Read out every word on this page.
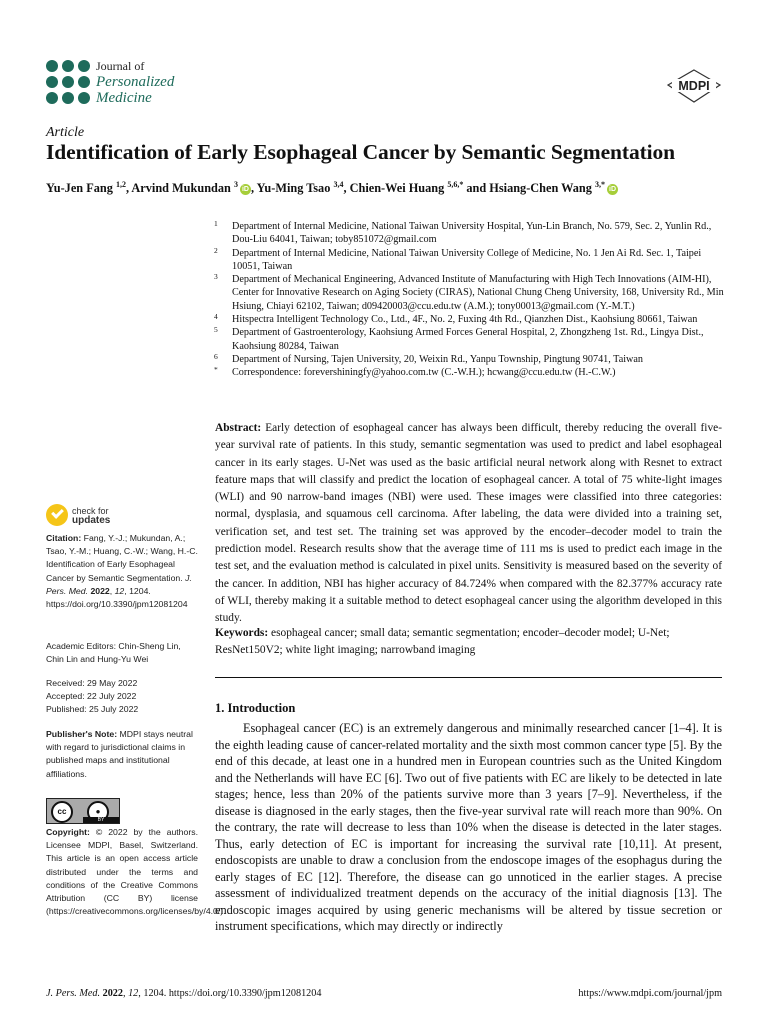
Journal of
Personalized
Medicine
MDPI
Article
Identification of Early Esophageal Cancer by Semantic Segmentation
Yu-Jen Fang $^{1,2}$, Arvind Mukundan $^3$iD , Yu-Ming Tsao $^{3,4}$, Chien-Wei Huang $^{5,6,*}$ and Hsiang-Chen Wang $^{3,*}$iD
1 Department of Internal Medicine, National Taiwan University Hospital, Yun-Lin Branch, No. 579, Sec. 2, Yunlin Rd., Dou-Liu 64041, Taiwan; toby851072@gmail.com
2 Department of Internal Medicine, National Taiwan University College of Medicine, No. 1 Jen Ai Rd. Sec. 1, Taipei 10051, Taiwan
3 Department of Mechanical Engineering, Advanced Institute of Manufacturing with High Tech Innovations (AIM-HI), Center for Innovative Research on Aging Society (CIRAS), National Chung Cheng University, 168, University Rd., Min Hsiung, Chiayi 62102, Taiwan; d09420003@ccu.edu.tw (A.M.); tony00013@gmail.com (Y.-M.T.)
4 Hitspectra Intelligent Technology Co., Ltd., 4F., No. 2, Fuxing 4th Rd., Qianzhen Dist., Kaohsiung 80661, Taiwan
5 Department of Gastroenterology, Kaohsiung Armed Forces General Hospital, 2, Zhongzheng 1st. Rd., Lingya Dist., Kaohsiung 80284, Taiwan
6 Department of Nursing, Tajen University, 20, Weixin Rd., Yanpu Township, Pingtung 90741, Taiwan
* Correspondence: forevershiningfy@yahoo.com.tw (C.-W.H.); hcwang@ccu.edu.tw (H.-C.W.)
Abstract: Early detection of esophageal cancer has always been difficult, thereby reducing the overall five-year survival rate of patients. In this study, semantic segmentation was used to predict and label esophageal cancer in its early stages. U-Net was used as the basic artificial neural network along with Resnet to extract feature maps that will classify and predict the location of esophageal cancer. A total of 75 white-light images (WLI) and 90 narrow-band images (NBI) were used. These images were classified into three categories: normal, dysplasia, and squamous cell carcinoma. After labeling, the data were divided into a training set, verification set, and test set. The training set was approved by the encoder–decoder model to train the prediction model. Research results show that the average time of 111 ms is used to predict each image in the test set, and the evaluation method is calculated in pixel units. Sensitivity is measured based on the severity of the cancer. In addition, NBI has higher accuracy of 84.724% when compared with the 82.377% accuracy rate of WLI, thereby making it a suitable method to detect esophageal cancer using the algorithm developed in this study.
Keywords: esophageal cancer; small data; semantic segmentation; encoder–decoder model; U-Net; ResNet150V2; white light imaging; narrowband imaging
1. Introduction
Esophageal cancer (EC) is an extremely dangerous and minimally researched cancer [1–4]. It is the eighth leading cause of cancer-related mortality and the sixth most common cancer type [5]. By the end of this decade, at least one in a hundred men in European countries such as the United Kingdom and the Netherlands will have EC [6]. Two out of five patients with EC are likely to be detected in late stages; hence, less than 20% of the patients survive more than 3 years [7–9]. Nevertheless, if the disease is diagnosed in the early stages, then the five-year survival rate will reach more than 90%. On the contrary, the rate will decrease to less than 10% when the disease is detected in the later stages. Thus, early detection of EC is important for increasing the survival rate [10,11]. At present, endoscopists are unable to draw a conclusion from the endoscope images of the esophagus during the early stages of EC [12]. Therefore, the disease can go unnoticed in the earlier stages. A precise assessment of individualized treatment depends on the accuracy of the initial diagnosis [13]. The endoscopic images acquired by using generic mechanisms will be altered by tissue secretion or instrument specifications, which may directly or indirectly
check for
updates
Citation: Fang, Y.-J.; Mukundan, A.; Tsao, Y.-M.; Huang, C.-W.; Wang, H.-C. Identification of Early Esophageal Cancer by Semantic Segmentation. J. Pers. Med. 2022, 12, 1204. https://doi.org/10.3390/jpm12081204
Academic Editors: Chin-Sheng Lin, Chin Lin and Hung-Yu Wei
Received: 29 May 2022
Accepted: 22 July 2022
Published: 25 July 2022
Publisher's Note: MDPI stays neutral with regard to jurisdictional claims in published maps and institutional affiliations.
cc	●
BY
Copyright: © 2022 by the authors. Licensee MDPI, Basel, Switzerland. This article is an open access article distributed under the terms and conditions of the Creative Commons Attribution (CC BY) license (https://creativecommons.org/licenses/by/4.0/).
J. Pers. Med. 2022, 12, 1204. https://doi.org/10.3390/jpm12081204	https://www.mdpi.com/journal/jpm
